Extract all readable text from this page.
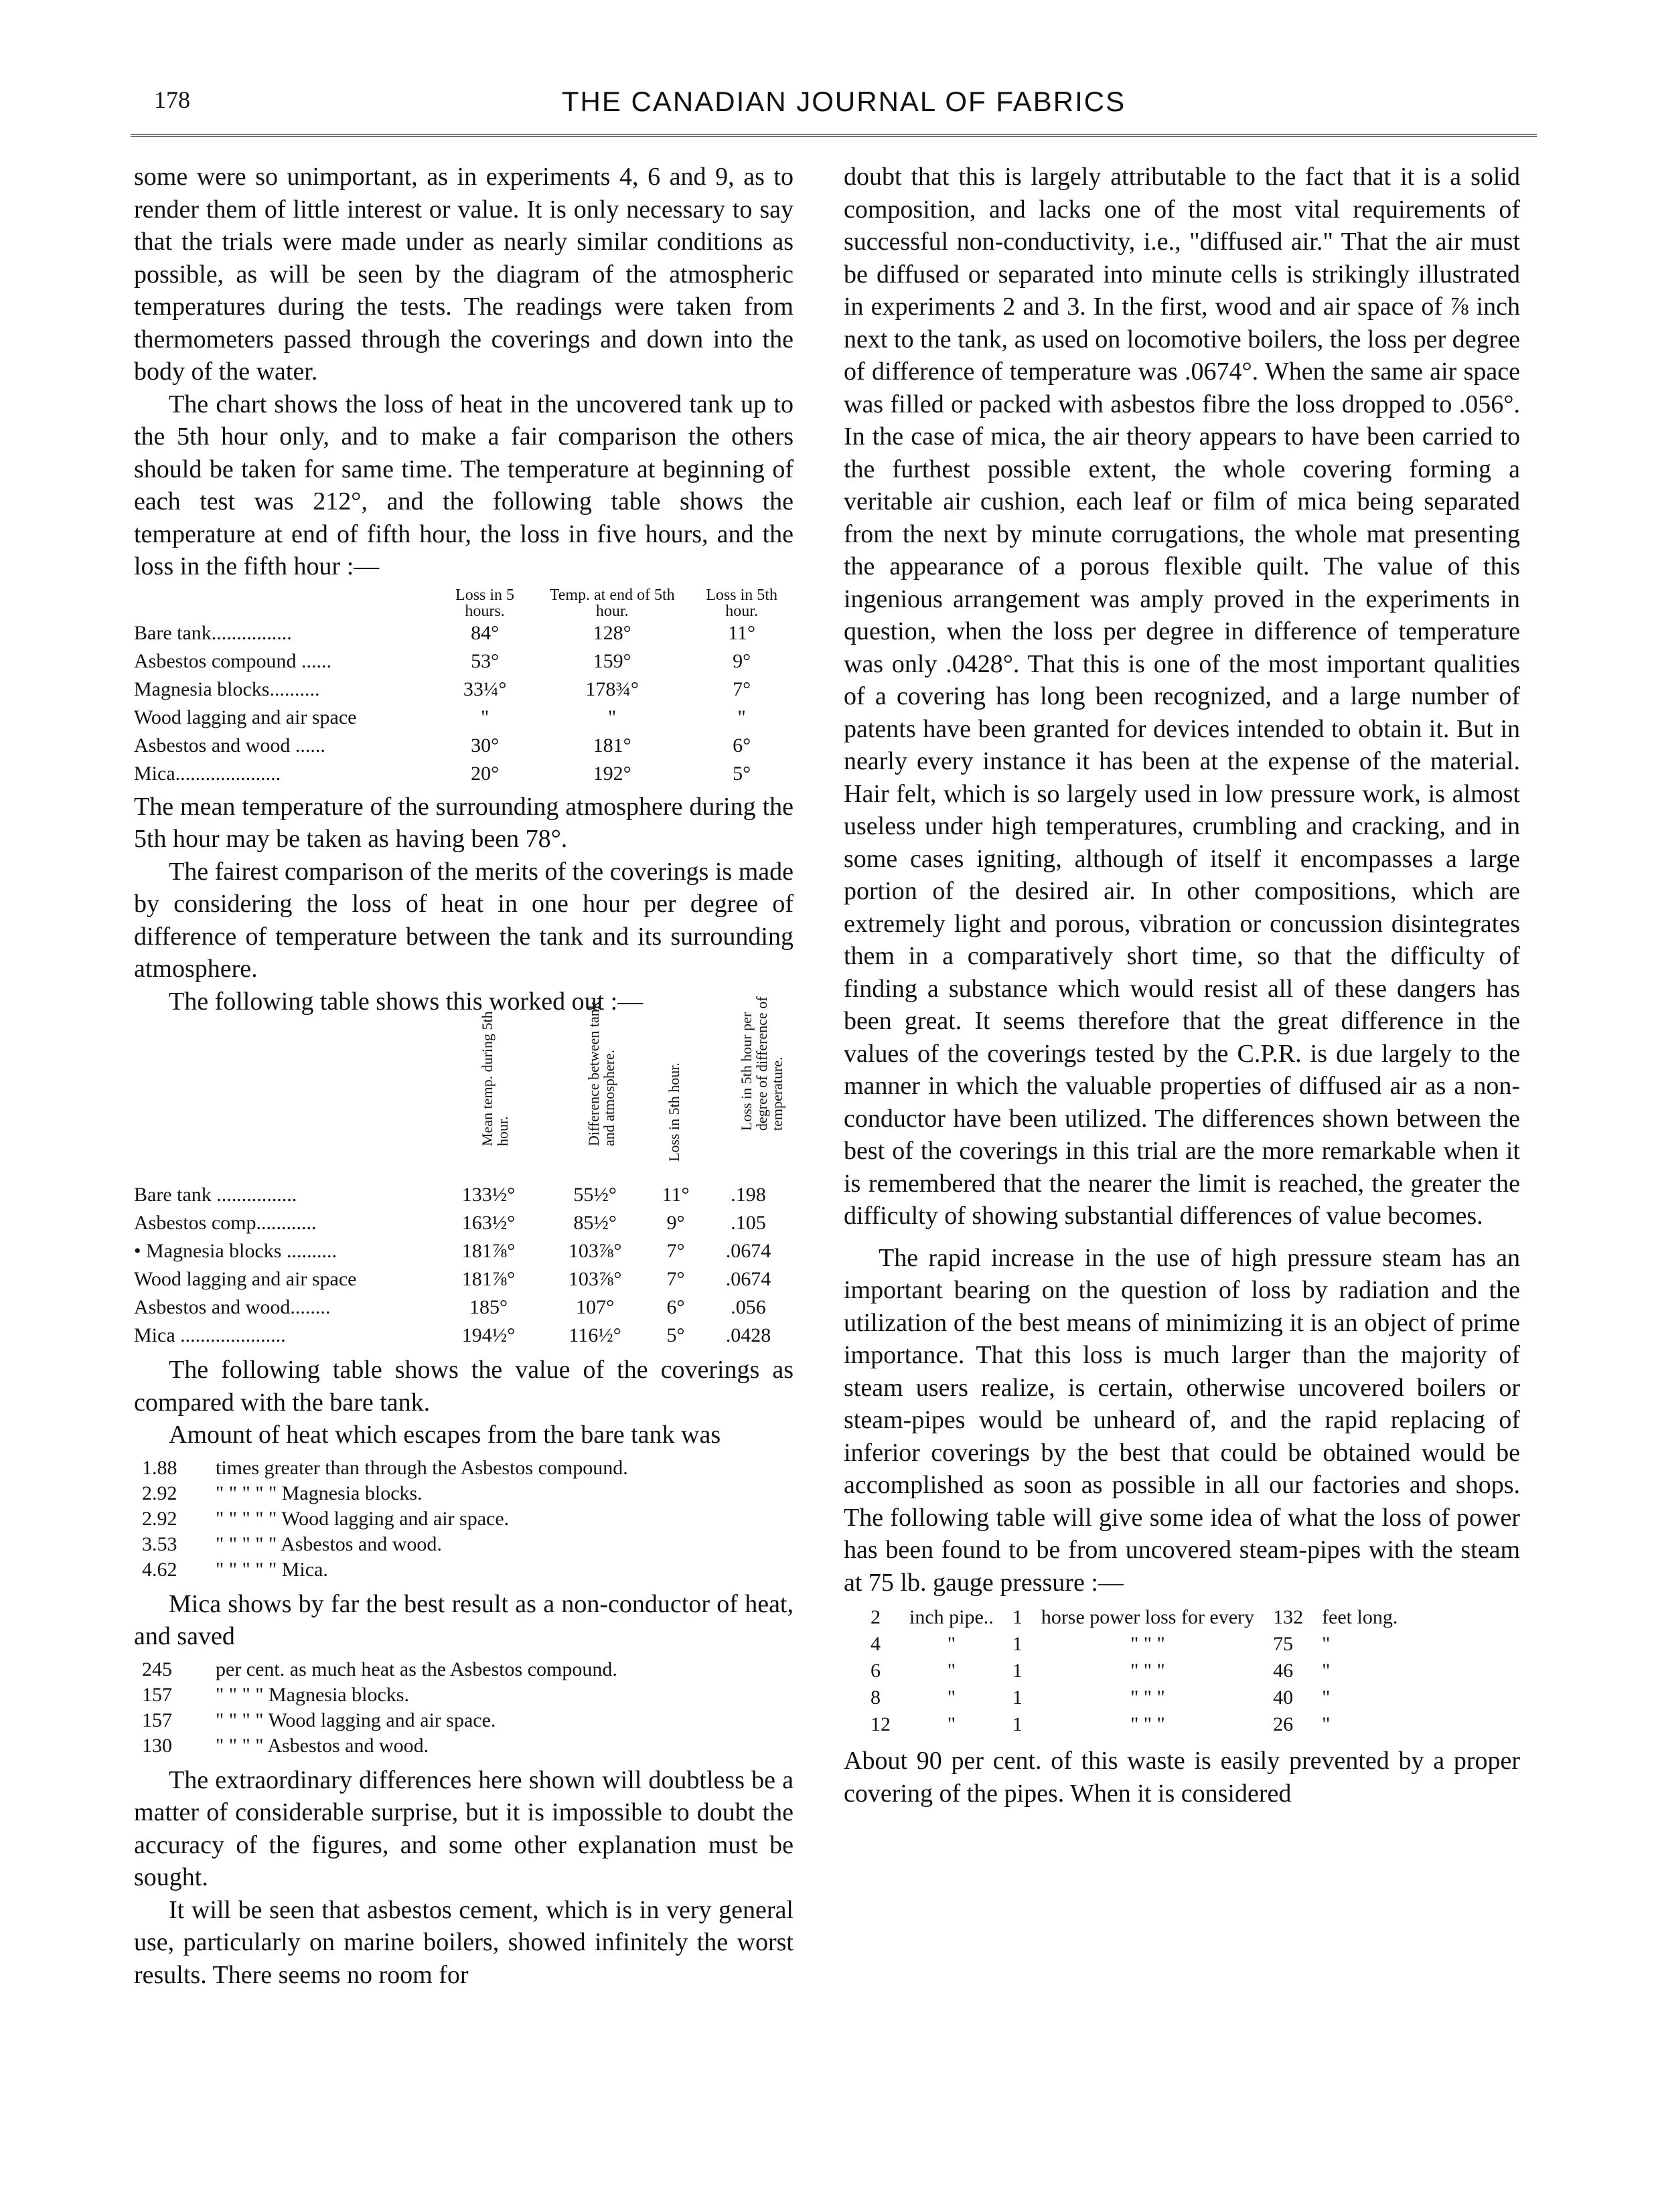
178	THE CANADIAN JOURNAL OF FABRICS

some were so unimportant, as in experiments 4, 6 and 9, as to render them of little interest or value. It is only necessary to say that the trials were made under as nearly similar conditions as possible, as will be seen by the diagram of the atmospheric temperatures during the tests. The readings were taken from thermometers passed through the coverings and down into the body of the water.

The chart shows the loss of heat in the uncovered tank up to the 5th hour only, and to make a fair comparison the others should be taken for same time. The temperature at beginning of each test was 212°, and the following table shows the temperature at end of fifth hour, the loss in five hours, and the loss in the fifth hour :—

	Loss in 5 hours.	Temp. at end of 5th hour.	Loss in 5th hour.
Bare tank................	84°	128°	11°
Asbestos compound ......	53°	159°	9°
Magnesia blocks..........	33¼°	178¾°	7°
Wood lagging and air space	"	"	"
Asbestos and wood ......	30°	181°	6°
Mica.....................	20°	192°	5°

The mean temperature of the surrounding atmosphere during the 5th hour may be taken as having been 78°.

The fairest comparison of the merits of the coverings is made by considering the loss of heat in one hour per degree of difference of temperature between the tank and its surrounding atmosphere.

The following table shows this worked out :—

	Mean temp. during 5th hour.	Difference between tank and atmosphere.	Loss in 5th hour.	Loss in 5th hour per degree of difference of temperature.

Bare tank ................	133½°	55½°	11°	.198
Asbestos comp............	163½°	85½°	9°	.105
• Magnesia blocks ..........	181⅞°	103⅞°	7°	.0674
Wood lagging and air space	181⅞°	103⅞°	7°	.0674
Asbestos and wood........	185°	107°	6°	.056
Mica .....................	194½°	116½°	5°	.0428

The following table shows the value of the coverings as compared with the bare tank.

Amount of heat which escapes from the bare tank was

1.88 times greater than through the Asbestos compound.
2.92 " " " " " Magnesia blocks.
2.92 " " " " " Wood lagging and air space.
3.53 " " " " " Asbestos and wood.
4.62 " " " " " Mica.

Mica shows by far the best result as a non-conductor of heat, and saved

245 per cent. as much heat as the Asbestos compound.
157 " " " " Magnesia blocks.
157 " " " " Wood lagging and air space.
130 " " " " Asbestos and wood.

The extraordinary differences here shown will doubtless be a matter of considerable surprise, but it is impossible to doubt the accuracy of the figures, and some other explanation must be sought.

It will be seen that asbestos cement, which is in very general use, particularly on marine boilers, showed infinitely the worst results. There seems no room for

doubt that this is largely attributable to the fact that it is a solid composition, and lacks one of the most vital requirements of successful non-conductivity, i.e., "diffused air." That the air must be diffused or separated into minute cells is strikingly illustrated in experiments 2 and 3. In the first, wood and air space of ⅞ inch next to the tank, as used on locomotive boilers, the loss per degree of difference of temperature was .0674°. When the same air space was filled or packed with asbestos fibre the loss dropped to .056°. In the case of mica, the air theory appears to have been carried to the furthest possible extent, the whole covering forming a veritable air cushion, each leaf or film of mica being separated from the next by minute corrugations, the whole mat presenting the appearance of a porous flexible quilt. The value of this ingenious arrangement was amply proved in the experiments in question, when the loss per degree in difference of temperature was only .0428°. That this is one of the most important qualities of a covering has long been recognized, and a large number of patents have been granted for devices intended to obtain it. But in nearly every instance it has been at the expense of the material. Hair felt, which is so largely used in low pressure work, is almost useless under high temperatures, crumbling and cracking, and in some cases igniting, although of itself it encompasses a large portion of the desired air. In other compositions, which are extremely light and porous, vibration or concussion disintegrates them in a comparatively short time, so that the difficulty of finding a substance which would resist all of these dangers has been great. It seems therefore that the great difference in the values of the coverings tested by the C.P.R. is due largely to the manner in which the valuable properties of diffused air as a non-conductor have been utilized. The differences shown between the best of the coverings in this trial are the more remarkable when it is remembered that the nearer the limit is reached, the greater the difficulty of showing substantial differences of value becomes.

The rapid increase in the use of high pressure steam has an important bearing on the question of loss by radiation and the utilization of the best means of minimizing it is an object of prime importance. That this loss is much larger than the majority of steam users realize, is certain, otherwise uncovered boilers or steam-pipes would be unheard of, and the rapid replacing of inferior coverings by the best that could be obtained would be accomplished as soon as possible in all our factories and shops. The following table will give some idea of what the loss of power has been found to be from uncovered steam-pipes with the steam at 75 lb. gauge pressure :—

2	inch pipe..	1	horse power loss for every	132	feet long.
4	"	1	" " "	75	"
6	"	1	" " "	46	"
8	"	1	" " "	40	"
12	"	1	" " "	26	"

About 90 per cent. of this waste is easily prevented by a proper covering of the pipes. When it is considered
